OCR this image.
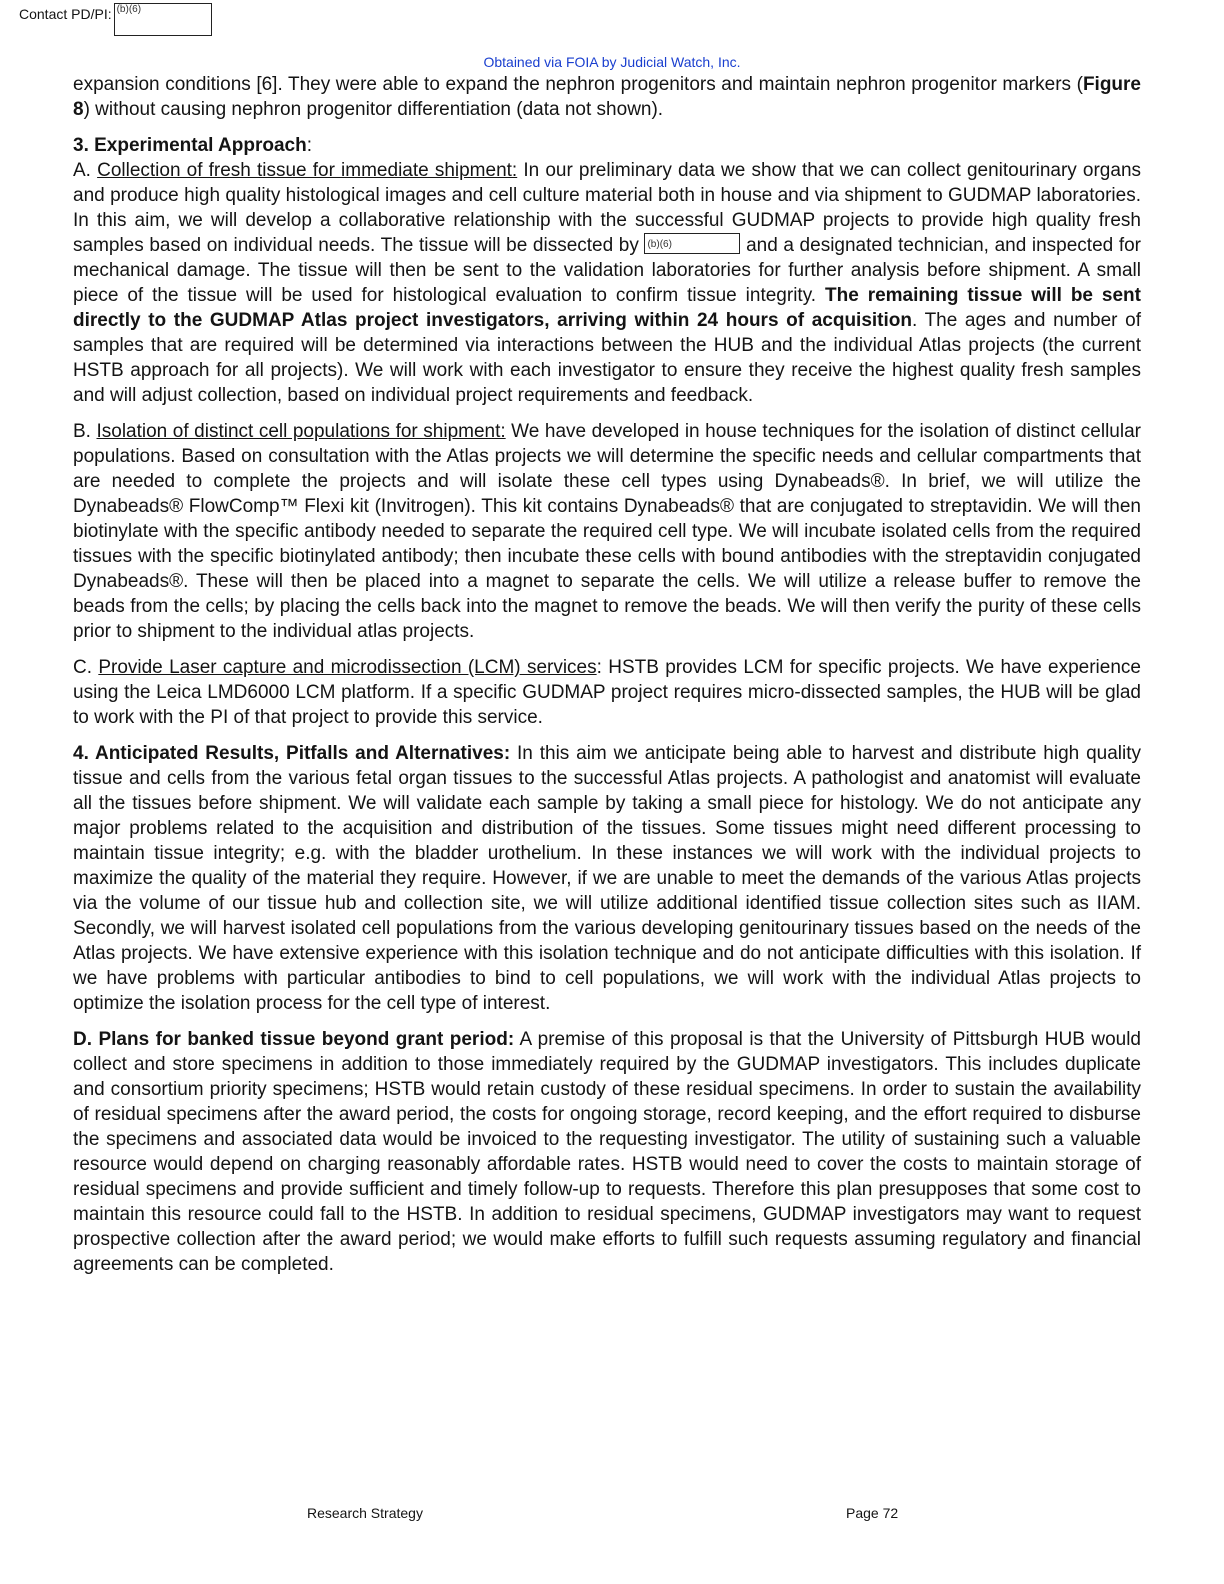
Contact PD/PI: (b)(6)
Obtained via FOIA by Judicial Watch, Inc.

expansion conditions [6]. They were able to expand the nephron progenitors and maintain nephron progenitor markers (Figure 8) without causing nephron progenitor differentiation (data not shown).

3. Experimental Approach:

A. Collection of fresh tissue for immediate shipment: In our preliminary data we show that we can collect genitourinary organs and produce high quality histological images and cell culture material both in house and via shipment to GUDMAP laboratories. In this aim, we will develop a collaborative relationship with the successful GUDMAP projects to provide high quality fresh samples based on individual needs. The tissue will be dissected by (b)(6)	and a designated technician, and inspected for mechanical damage. The tissue will then be sent to the validation laboratories for further analysis before shipment. A small piece of the tissue will be used for histological evaluation to confirm tissue integrity. The remaining tissue will be sent directly to the GUDMAP Atlas project investigators, arriving within 24 hours of acquisition. The ages and number of samples that are required will be determined via interactions between the HUB and the individual Atlas projects (the current HSTB approach for all projects). We will work with each investigator to ensure they receive the highest quality fresh samples and will adjust collection, based on individual project requirements and feedback.

B. Isolation of distinct cell populations for shipment: We have developed in house techniques for the isolation of distinct cellular populations. Based on consultation with the Atlas projects we will determine the specific needs and cellular compartments that are needed to complete the projects and will isolate these cell types using Dynabeads®. In brief, we will utilize the Dynabeads® FlowComp™ Flexi kit (Invitrogen). This kit contains Dynabeads® that are conjugated to streptavidin. We will then biotinylate with the specific antibody needed to separate the required cell type. We will incubate isolated cells from the required tissues with the specific biotinylated antibody; then incubate these cells with bound antibodies with the streptavidin conjugated Dynabeads®. These will then be placed into a magnet to separate the cells. We will utilize a release buffer to remove the beads from the cells; by placing the cells back into the magnet to remove the beads. We will then verify the purity of these cells prior to shipment to the individual atlas projects.

C. Provide Laser capture and microdissection (LCM) services: HSTB provides LCM for specific projects. We have experience using the Leica LMD6000 LCM platform. If a specific GUDMAP project requires micro-dissected samples, the HUB will be glad to work with the PI of that project to provide this service.

4. Anticipated Results, Pitfalls and Alternatives: In this aim we anticipate being able to harvest and distribute high quality tissue and cells from the various fetal organ tissues to the successful Atlas projects. A pathologist and anatomist will evaluate all the tissues before shipment. We will validate each sample by taking a small piece for histology. We do not anticipate any major problems related to the acquisition and distribution of the tissues. Some tissues might need different processing to maintain tissue integrity; e.g. with the bladder urothelium. In these instances we will work with the individual projects to maximize the quality of the material they require. However, if we are unable to meet the demands of the various Atlas projects via the volume of our tissue hub and collection site, we will utilize additional identified tissue collection sites such as IIAM. Secondly, we will harvest isolated cell populations from the various developing genitourinary tissues based on the needs of the Atlas projects. We have extensive experience with this isolation technique and do not anticipate difficulties with this isolation. If we have problems with particular antibodies to bind to cell populations, we will work with the individual Atlas projects to optimize the isolation process for the cell type of interest.

D. Plans for banked tissue beyond grant period: A premise of this proposal is that the University of Pittsburgh HUB would collect and store specimens in addition to those immediately required by the GUDMAP investigators. This includes duplicate and consortium priority specimens; HSTB would retain custody of these residual specimens. In order to sustain the availability of residual specimens after the award period, the costs for ongoing storage, record keeping, and the effort required to disburse the specimens and associated data would be invoiced to the requesting investigator. The utility of sustaining such a valuable resource would depend on charging reasonably affordable rates. HSTB would need to cover the costs to maintain storage of residual specimens and provide sufficient and timely follow-up to requests. Therefore this plan presupposes that some cost to maintain this resource could fall to the HSTB. In addition to residual specimens, GUDMAP investigators may want to request prospective collection after the award period; we would make efforts to fulfill such requests assuming regulatory and financial agreements can be completed.

Research Strategy	Page 72
